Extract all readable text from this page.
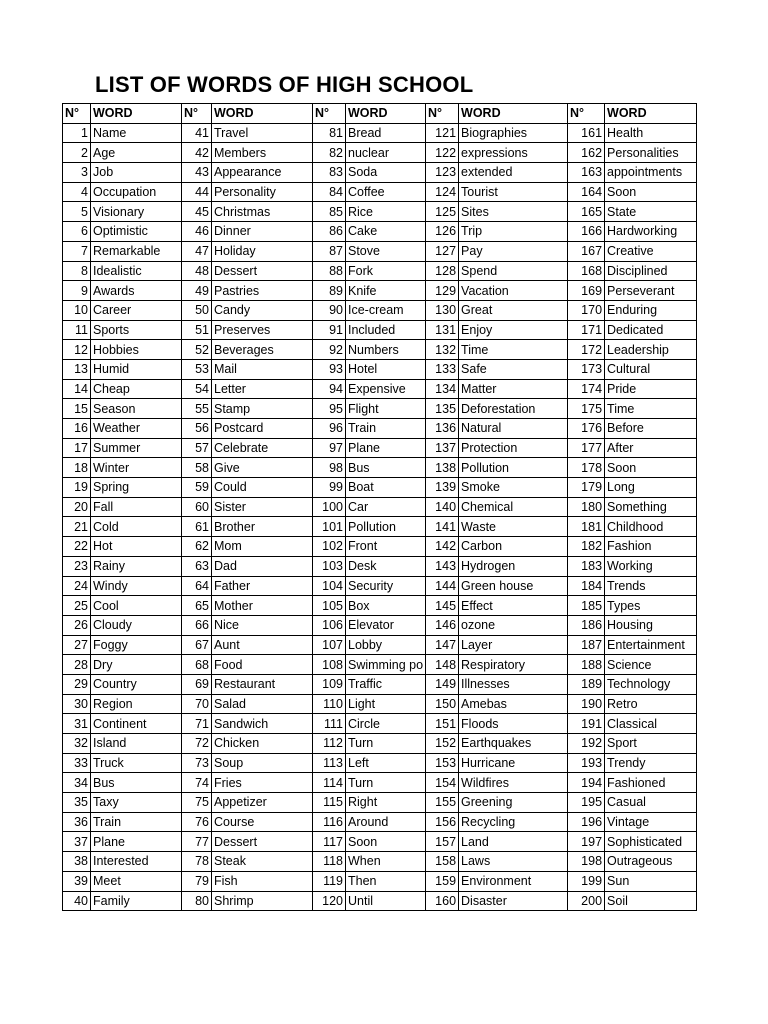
LIST OF WORDS OF HIGH SCHOOL
N°	WORD	N°	WORD	N°	WORD	N°	WORD	N°	WORD
1	Name	41	Travel	81	Bread	121	Biographies	161	Health
2	Age	42	Members	82	nuclear	122	expressions	162	Personalities
3	Job	43	Appearance	83	Soda	123	extended	163	appointments
4	Occupation	44	Personality	84	Coffee	124	Tourist	164	Soon
5	Visionary	45	Christmas	85	Rice	125	Sites	165	State
6	Optimistic	46	Dinner	86	Cake	126	Trip	166	Hardworking
7	Remarkable	47	Holiday	87	Stove	127	Pay	167	Creative
8	Idealistic	48	Dessert	88	Fork	128	Spend	168	Disciplined
9	Awards	49	Pastries	89	Knife	129	Vacation	169	Perseverant
10	Career	50	Candy	90	Ice-cream	130	Great	170	Enduring
11	Sports	51	Preserves	91	Included	131	Enjoy	171	Dedicated
12	Hobbies	52	Beverages	92	Numbers	132	Time	172	Leadership
13	Humid	53	Mail	93	Hotel	133	Safe	173	Cultural
14	Cheap	54	Letter	94	Expensive	134	Matter	174	Pride
15	Season	55	Stamp	95	Flight	135	Deforestation	175	Time
16	Weather	56	Postcard	96	Train	136	Natural	176	Before
17	Summer	57	Celebrate	97	Plane	137	Protection	177	After
18	Winter	58	Give	98	Bus	138	Pollution	178	Soon
19	Spring	59	Could	99	Boat	139	Smoke	179	Long
20	Fall	60	Sister	100	Car	140	Chemical	180	Something
21	Cold	61	Brother	101	Pollution	141	Waste	181	Childhood
22	Hot	62	Mom	102	Front	142	Carbon	182	Fashion
23	Rainy	63	Dad	103	Desk	143	Hydrogen	183	Working
24	Windy	64	Father	104	Security	144	Green house	184	Trends
25	Cool	65	Mother	105	Box	145	Effect	185	Types
26	Cloudy	66	Nice	106	Elevator	146	ozone	186	Housing
27	Foggy	67	Aunt	107	Lobby	147	Layer	187	Entertainment
28	Dry	68	Food	108	Swimming po	148	Respiratory	188	Science
29	Country	69	Restaurant	109	Traffic	149	Illnesses	189	Technology
30	Region	70	Salad	110	Light	150	Amebas	190	Retro
31	Continent	71	Sandwich	111	Circle	151	Floods	191	Classical
32	Island	72	Chicken	112	Turn	152	Earthquakes	192	Sport
33	Truck	73	Soup	113	Left	153	Hurricane	193	Trendy
34	Bus	74	Fries	114	Turn	154	Wildfires	194	Fashioned
35	Taxy	75	Appetizer	115	Right	155	Greening	195	Casual
36	Train	76	Course	116	Around	156	Recycling	196	Vintage
37	Plane	77	Dessert	117	Soon	157	Land	197	Sophisticated
38	Interested	78	Steak	118	When	158	Laws	198	Outrageous
39	Meet	79	Fish	119	Then	159	Environment	199	Sun
40	Family	80	Shrimp	120	Until	160	Disaster	200	Soil
